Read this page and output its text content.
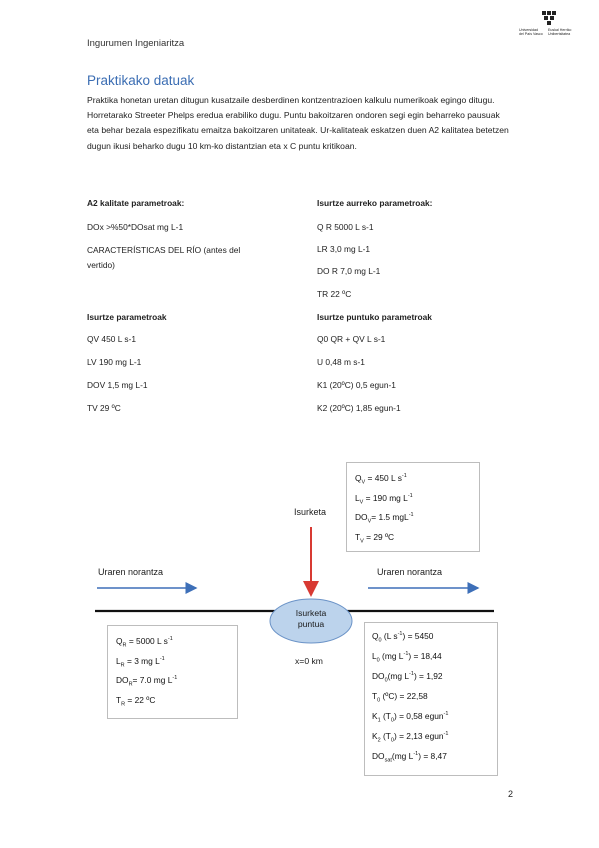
Ingurumen Ingeniaritza
Universidad
del País Vasco
Euskal Herriko
Unibertsitatea
Praktikako datuak
Praktika honetan uretan ditugun kusatzaile desberdinen kontzentrazioen kalkulu numerikoak egingo ditugu. Horretarako Streeter Phelps eredua erabiliko dugu. Puntu bakoitzaren ondoren segi egin beharreko pausuak eta behar bezala espezifikatu emaitza bakoitzaren unitateak. Ur-kalitateak eskatzen duen A2 kalitatea betetzen dugun ikusi beharko dugu 10 km-ko distantzian eta x C puntu kritikoan.
A2 kalitate parametroak:
DOx >%50*DOsat mg L-1
CARACTERÍSTICAS DEL RÍO (antes del vertido)
Isurtze aurreko parametroak:
Q R 5000 L s-1
LR 3,0 mg L-1
DO R 7,0 mg L-1
TR 22 ºC
Isurtze parametroak
QV 450 L s-1
LV 190 mg L-1
DOV 1,5 mg L-1
TV 29 ºC
Isurtze puntuko parametroak
Q0 QR + QV L s-1
U 0,48 m s-1
K1 (20ºC) 0,5 egun-1
K2 (20ºC) 1,85 egun-1
Isurketa
Uraren norantza	Uraren norantza
Isurketa
puntua
x=0 km
$Q_V = 450$ L $s^{-1}$
$L_V = 190$ mg $L^{-1}$
$DO_V= 1.5$ mgL$^{-1}$
$T_V = 29$ ºC
$Q_R = 5000$ L $s^{-1}$
$L_R = 3$ mg $L^{-1}$
$DO_R= 7.0$ mg $L^{-1}$
$T_R = 22$ ºC
$Q_0$ (L $s^{-1}) = 5450$
$L_0$ (mg $L^{-1}) = 18,44$
$DO_0(mg$ $L^{-1}) = 1,92$
$T_0$ (ºC) = 22,58
$K_1$ $(T_0) = 0,58$ egun$^{-1}$
$K_2$ $(T_0) = 2,13$ egun$^{-1}$
$DO_{sat}(mg$ $L^{-1}) = 8,47$
2
